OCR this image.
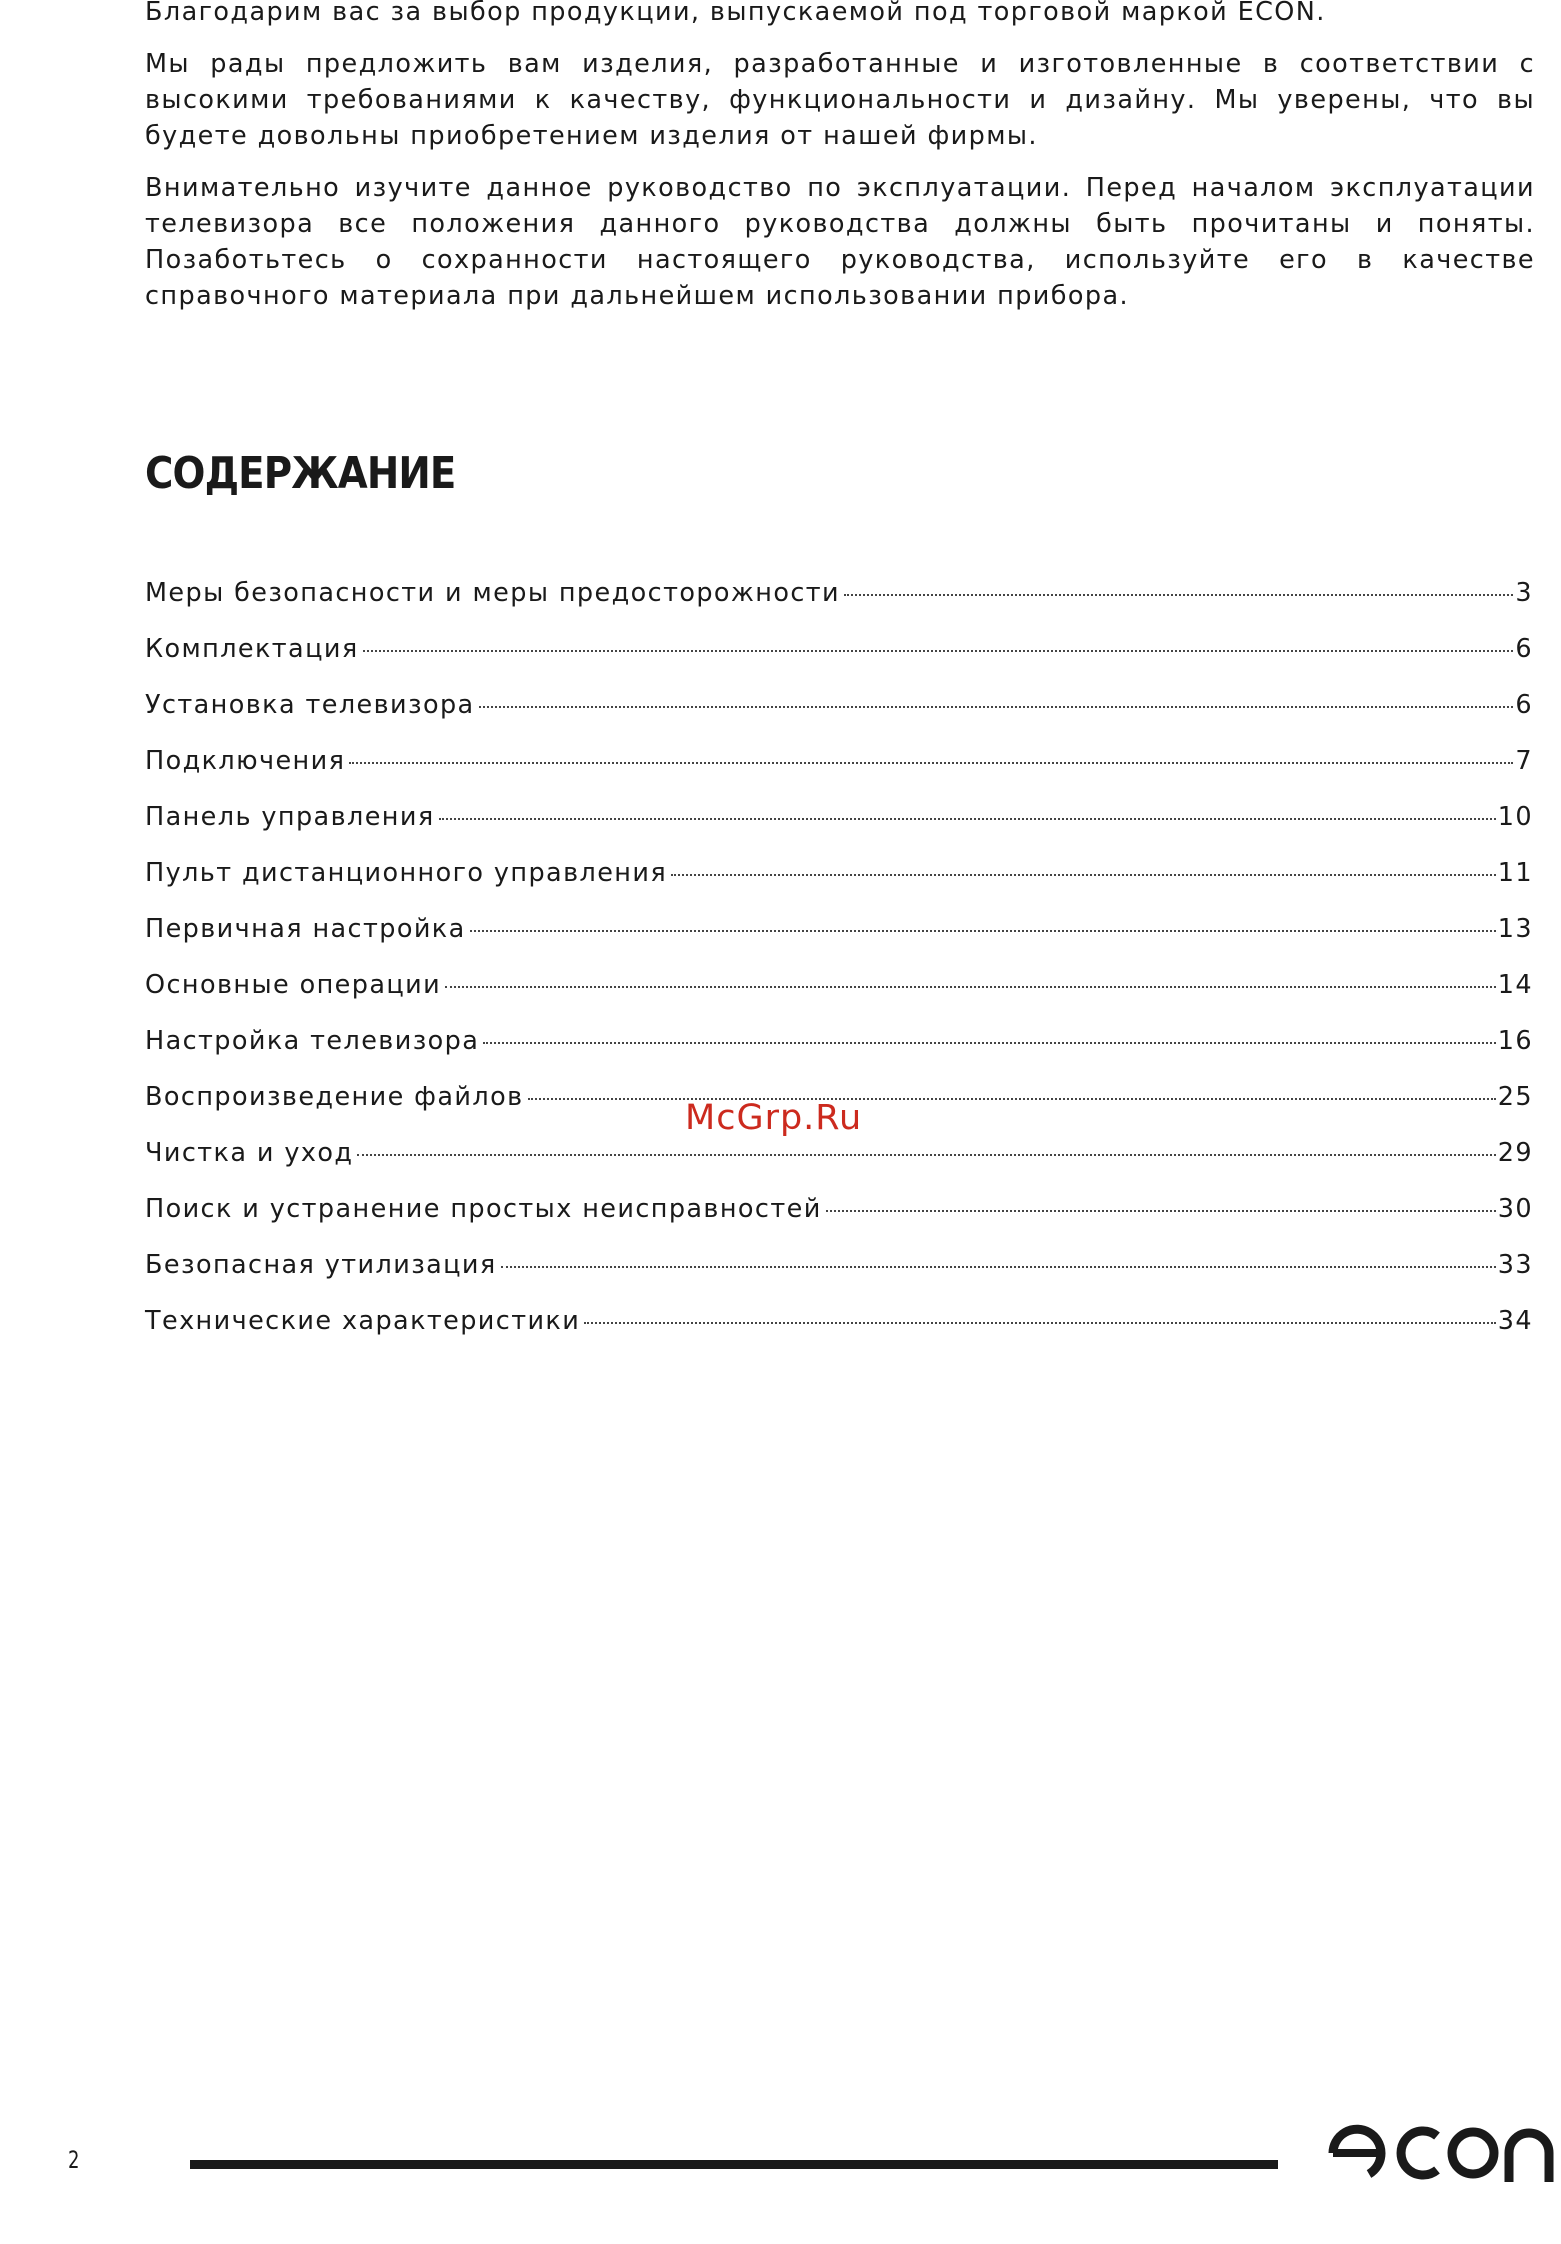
Благодарим вас за выбор продукции, выпускаемой под торговой маркой ECON.

Мы рады предложить вам изделия, разработанные и изготовленные в соответствии с высокими требованиями к качеству, функциональности и дизайну. Мы уверены, что вы будете довольны приобретением изделия от нашей фирмы.

Внимательно изучите данное руководство по эксплуатации. Перед началом эксплуатации телевизора все положения данного руководства должны быть прочитаны и поняты. Позаботьтесь о сохранности настоящего руководства, используйте его в качестве справочного материала при дальнейшем использовании прибора.

СОДЕРЖАНИЕ
Меры безопасности и меры предосторожности	3
Комплектация	6
Установка телевизора	6
Подключения	7
Панель управления	10
Пульт дистанционного управления	11
Первичная настройка	13
Основные операции	14
Настройка телевизора	16
Воспроизведение файлов	25
Чистка и уход	29
Поиск и устранение простых неисправностей	30
Безопасная утилизация	33
Технические характеристики	34
McGrp.Ru
2
